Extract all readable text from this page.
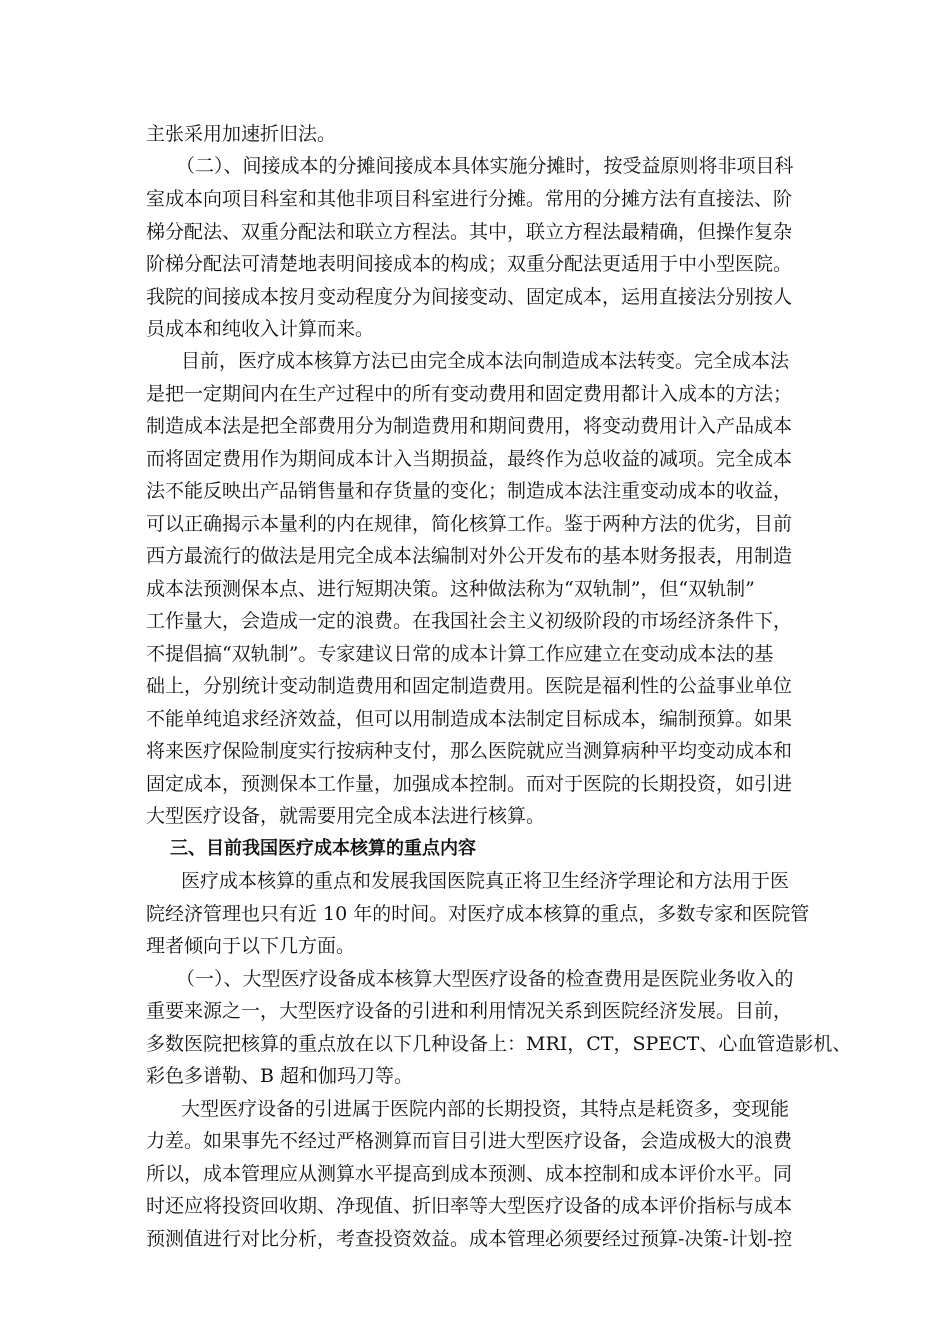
主张采用加速折旧法。
（二）、间接成本的分摊间接成本具体实施分摊时，按受益原则将非项目科
室成本向项目科室和其他非项目科室进行分摊。常用的分摊方法有直接法、阶
梯分配法、双重分配法和联立方程法。其中，联立方程法最精确，但操作复杂
阶梯分配法可清楚地表明间接成本的构成；双重分配法更适用于中小型医院。
我院的间接成本按月变动程度分为间接变动、固定成本，运用直接法分别按人
员成本和纯收入计算而来。
目前，医疗成本核算方法已由完全成本法向制造成本法转变。完全成本法
是把一定期间内在生产过程中的所有变动费用和固定费用都计入成本的方法；
制造成本法是把全部费用分为制造费用和期间费用，将变动费用计入产品成本
而将固定费用作为期间成本计入当期损益，最终作为总收益的减项。完全成本
法不能反映出产品销售量和存货量的变化；制造成本法注重变动成本的收益，
可以正确揭示本量利的内在规律，简化核算工作。鉴于两种方法的优劣，目前
西方最流行的做法是用完全成本法编制对外公开发布的基本财务报表，用制造
成本法预测保本点、进行短期决策。这种做法称为“双轨制”，但“双轨制”
工作量大，会造成一定的浪费。在我国社会主义初级阶段的市场经济条件下，
不提倡搞“双轨制”。专家建议日常的成本计算工作应建立在变动成本法的基
础上，分别统计变动制造费用和固定制造费用。医院是福利性的公益事业单位
不能单纯追求经济效益，但可以用制造成本法制定目标成本，编制预算。如果
将来医疗保险制度实行按病种支付，那么医院就应当测算病种平均变动成本和
固定成本，预测保本工作量，加强成本控制。而对于医院的长期投资，如引进
大型医疗设备，就需要用完全成本法进行核算。
三、目前我国医疗成本核算的重点内容
医疗成本核算的重点和发展我国医院真正将卫生经济学理论和方法用于医
院经济管理也只有近 10 年的时间。对医疗成本核算的重点，多数专家和医院管
理者倾向于以下几方面。
（一）、大型医疗设备成本核算大型医疗设备的检查费用是医院业务收入的
重要来源之一，大型医疗设备的引进和利用情况关系到医院经济发展。目前，
多数医院把核算的重点放在以下几种设备上：MRI，CT，SPECT、心血管造影机、
彩色多谱勒、B 超和伽玛刀等。
大型医疗设备的引进属于医院内部的长期投资，其特点是耗资多，变现能
力差。如果事先不经过严格测算而盲目引进大型医疗设备，会造成极大的浪费
所以，成本管理应从测算水平提高到成本预测、成本控制和成本评价水平。同
时还应将投资回收期、净现值、折旧率等大型医疗设备的成本评价指标与成本
预测值进行对比分析，考查投资效益。成本管理必须要经过预算-决策-计划-控
